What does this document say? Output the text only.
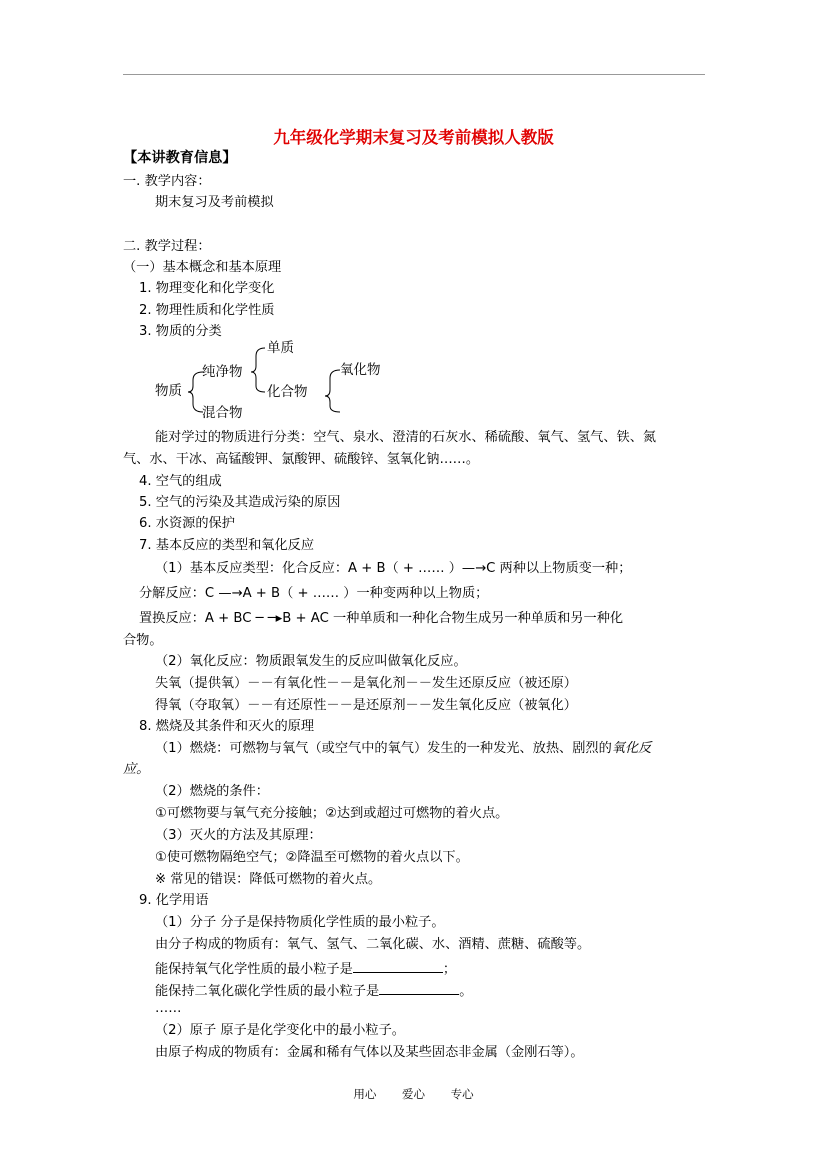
九年级化学期末复习及考前模拟人教版
【本讲教育信息】
一. 教学内容：
期末复习及考前模拟
二. 教学过程：
（一）基本概念和基本原理
1. 物理变化和化学变化
2. 物理性质和化学性质
3. 物质的分类
物质
纯净物
单质
化合物
氧化物
混合物
能对学过的物质进行分类：空气、泉水、澄清的石灰水、稀硫酸、氧气、氢气、铁、氮
气、水、干冰、高锰酸钾、氯酸钾、硫酸锌、氢氧化钠……。
4. 空气的组成
5. 空气的污染及其造成污染的原因
6. 水资源的保护
7. 基本反应的类型和氧化反应
（1）基本反应类型：化合反应：A + B（ + …… ）—→C 两种以上物质变一种；
分解反应：C —→A + B（ + …… ）一种变两种以上物质；
置换反应：A + BC ─ ─▸B + AC 一种单质和一种化合物生成另一种单质和另一种化
合物。
（2）氧化反应：物质跟氧发生的反应叫做氧化反应。
失氧（提供氧）－－有氧化性－－是氧化剂－－发生还原反应（被还原）
得氧（夺取氧）－－有还原性－－是还原剂－－发生氧化反应（被氧化）
8. 燃烧及其条件和灭火的原理
（1）燃烧：可燃物与氧气（或空气中的氧气）发生的一种发光、放热、剧烈的氧化反
应。
（2）燃烧的条件：
①可燃物要与氧气充分接触；②达到或超过可燃物的着火点。
（3）灭火的方法及其原理：
①使可燃物隔绝空气；②降温至可燃物的着火点以下。
※ 常见的错误：降低可燃物的着火点。
9. 化学用语
（1）分子 分子是保持物质化学性质的最小粒子。
由分子构成的物质有：氧气、氢气、二氧化碳、水、酒精、蔗糖、硫酸等。
能保持氧气化学性质的最小粒子是	；
能保持二氧化碳化学性质的最小粒子是	。
……
（2）原子 原子是化学变化中的最小粒子。
由原子构成的物质有：金属和稀有气体以及某些固态非金属（金刚石等）。
用心 爱心 专心
